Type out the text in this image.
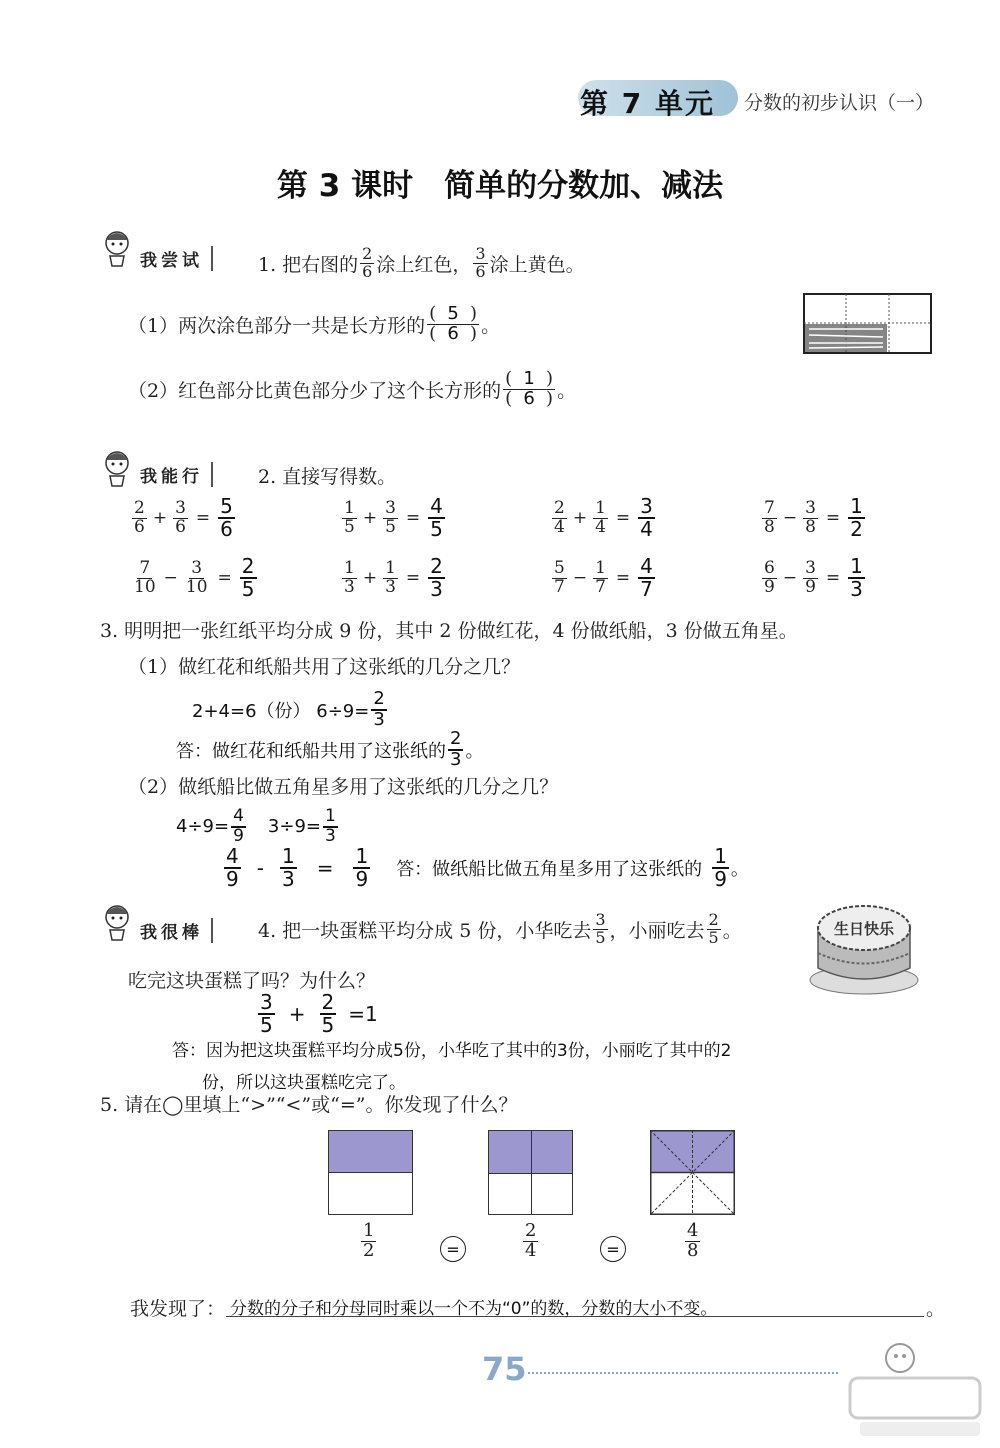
第 7 单元 分数的初步认识（一）
第 3 课时　简单的分数加、减法
我尝试	1. 把右图的 $\frac{2}{6}$ 涂上红色， $\frac{3}{6}$ 涂上黄色。
（1）两次涂色部分一共是长方形的 $\frac{( 5 )}{( 6 )}$ 。
（2）红色部分比黄色部分少了这个长方形的 $\frac{( 1 )}{( 6 )}$ 。
我能行	2. 直接写得数。
$\frac{2}{6} + \frac{3}{6} = \frac{5}{6}$	$\frac{1}{5} + \frac{3}{5} = \frac{4}{5}$	$\frac{2}{4} + \frac{1}{4} = \frac{3}{4}$	$\frac{7}{8} - \frac{3}{8} = \frac{1}{2}$
$\frac{7}{10} - \frac{3}{10} = \frac{2}{5}$	$\frac{1}{3} + \frac{1}{3} = \frac{2}{3}$	$\frac{5}{7} - \frac{1}{7} = \frac{4}{7}$	$\frac{6}{9} - \frac{3}{9} = \frac{1}{3}$
3. 明明把一张红纸平均分成 9 份，其中 2 份做红花，4 份做纸船，3 份做五角星。
（1）做红花和纸船共用了这张纸的几分之几？
2+4=6（份） $6\div 9= \frac{2}{3}$
答：做红花和纸船共用了这张纸的 $\frac{2}{3}$ 。
（2）做纸船比做五角星多用了这张纸的几分之几？
$4\div 9= \frac{4}{9} 3\div 9= \frac{1}{3}$
$\frac{4}{9} - \frac{1}{3} = \frac{1}{9}$ 答：做纸船比做五角星多用了这张纸的 $\frac{1}{9}$ 。
我很棒	4. 把一块蛋糕平均分成 5 份，小华吃去 $\frac{3}{5}$ ，小丽吃去 $\frac{2}{5}$ 。
吃完这块蛋糕了吗？为什么？
$\frac{3}{5} + \frac{2}{5} =1$
答：因为把这块蛋糕平均分成5份，小华吃了其中的3份，小丽吃了其中的2
份，所以这块蛋糕吃完了。
生日快乐
5. 请在◯里填上“>”“<”或“=”。你发现了什么？
$\frac{1}{2}$	=	$\frac{2}{4}$	=	$\frac{4}{8}$
我发现了： 分数的分子和分母同时乘以一个不为“0”的数，分数的大小不变。	。
75
